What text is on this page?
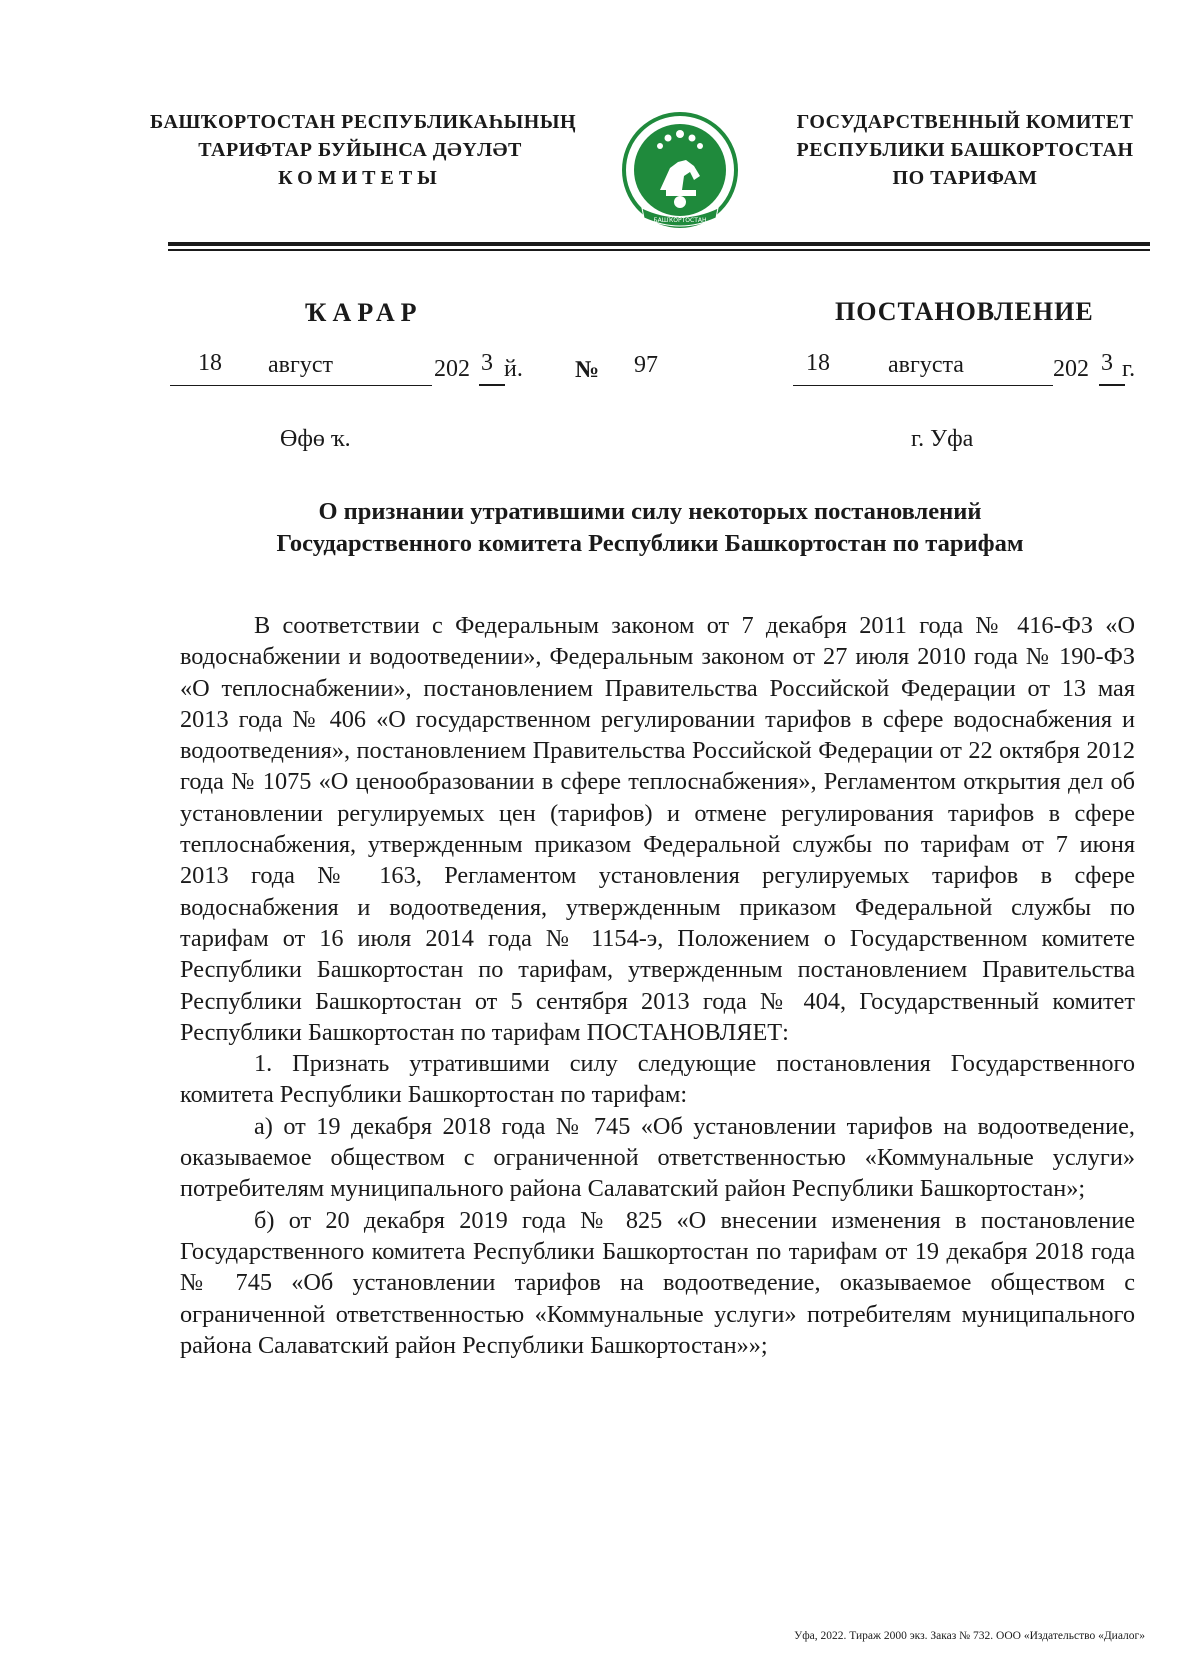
БАШҠОРТОСТАН РЕСПУБЛИКАҺЫНЫҢ
ТАРИФТАР БУЙЫНСА ДӘҮЛӘТ
КОМИТЕТЫ
БАШҠОРТОСТАН
ГОСУДАРСТВЕННЫЙ КОМИТЕТ
РЕСПУБЛИКИ БАШКОРТОСТАН
ПО ТАРИФАМ
ҠАРАР	ПОСТАНОВЛЕНИЕ
18 август	202 3 й. № 97	18 августа	202 3 г.
Өфө ҡ.	г. Уфа
О признании утратившими силу некоторых постановлений
Государственного комитета Республики Башкортостан по тарифам

В соответствии с Федеральным законом от 7 декабря 2011 года № 416-ФЗ «О водоснабжении и водоотведении», Федеральным законом от 27 июля 2010 года № 190-ФЗ «О теплоснабжении», постановлением Правительства Российской Федерации от 13 мая 2013 года № 406 «О государственном регулировании тарифов в сфере водоснабжения и водоотведения», постановлением Правительства Российской Федерации от 22 октября 2012 года № 1075 «О ценообразовании в сфере теплоснабжения», Регламентом открытия дел об установлении регулируемых цен (тарифов) и отмене регулирования тарифов в сфере теплоснабжения, утвержденным приказом Федеральной службы по тарифам от 7 июня 2013 года № 163, Регламентом установления регулируемых тарифов в сфере водоснабжения и водоотведения, утвержденным приказом Федеральной службы по тарифам от 16 июля 2014 года № 1154-э, Положением о Государственном комитете Республики Башкортостан по тарифам, утвержденным постановлением Правительства Республики Башкортостан от 5 сентября 2013 года № 404, Государственный комитет Республики Башкортостан по тарифам ПОСТАНОВЛЯЕТ:

1. Признать утратившими силу следующие постановления Государственного комитета Республики Башкортостан по тарифам:

а) от 19 декабря 2018 года № 745 «Об установлении тарифов на водоотведение, оказываемое обществом с ограниченной ответственностью «Коммунальные услуги» потребителям муниципального района Салаватский район Республики Башкортостан»;

б) от 20 декабря 2019 года № 825 «О внесении изменения в постановление Государственного комитета Республики Башкортостан по тарифам от 19 декабря 2018 года № 745 «Об установлении тарифов на водоотведение, оказываемое обществом с ограниченной ответственностью «Коммунальные услуги» потребителям муниципального района Салаватский район Республики Башкортостан»»;

Уфа, 2022. Тираж 2000 экз. Заказ № 732. ООО «Издательство «Диалог»
